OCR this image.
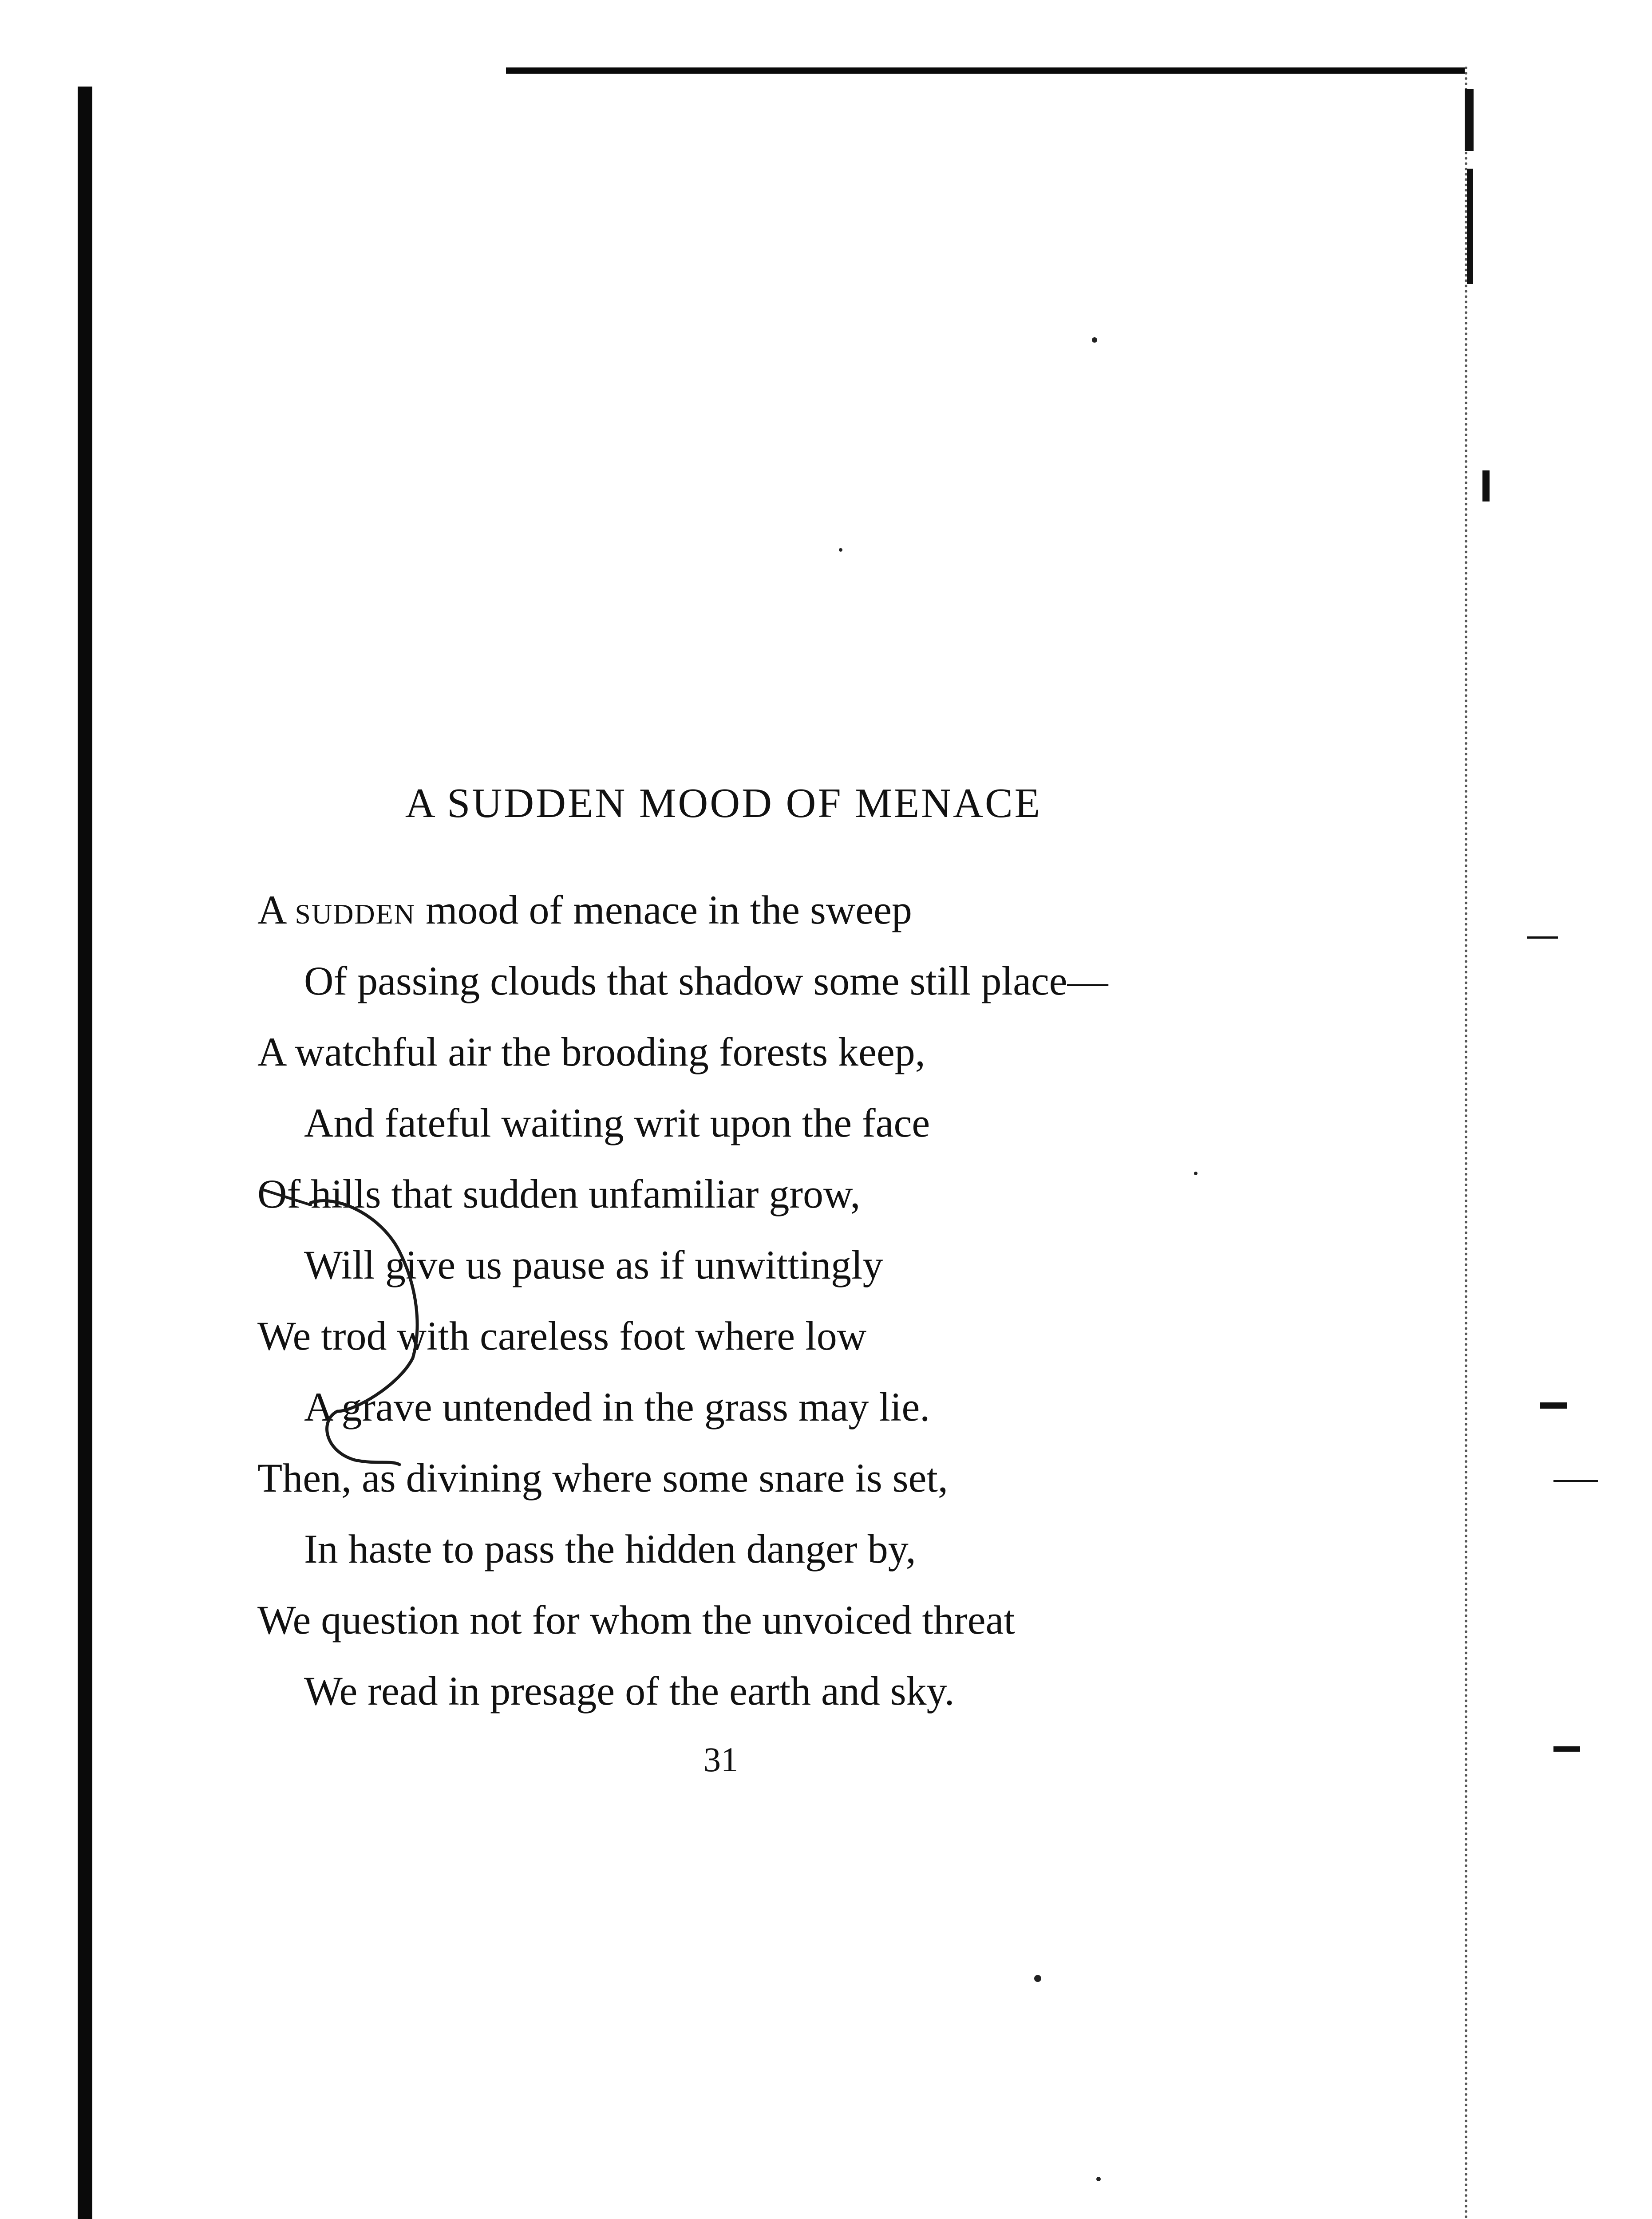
A SUDDEN MOOD OF MENACE
A sudden mood of menace in the sweep
Of passing clouds that shadow some still place—
A watchful air the brooding forests keep,
And fateful waiting writ upon the face
Of hills that sudden unfamiliar grow,
Will give us pause as if unwittingly
We trod with careless foot where low
A grave untended in the grass may lie.
Then, as divining where some snare is set,
In haste to pass the hidden danger by,
We question not for whom the unvoiced threat
We read in presage of the earth and sky.
31
